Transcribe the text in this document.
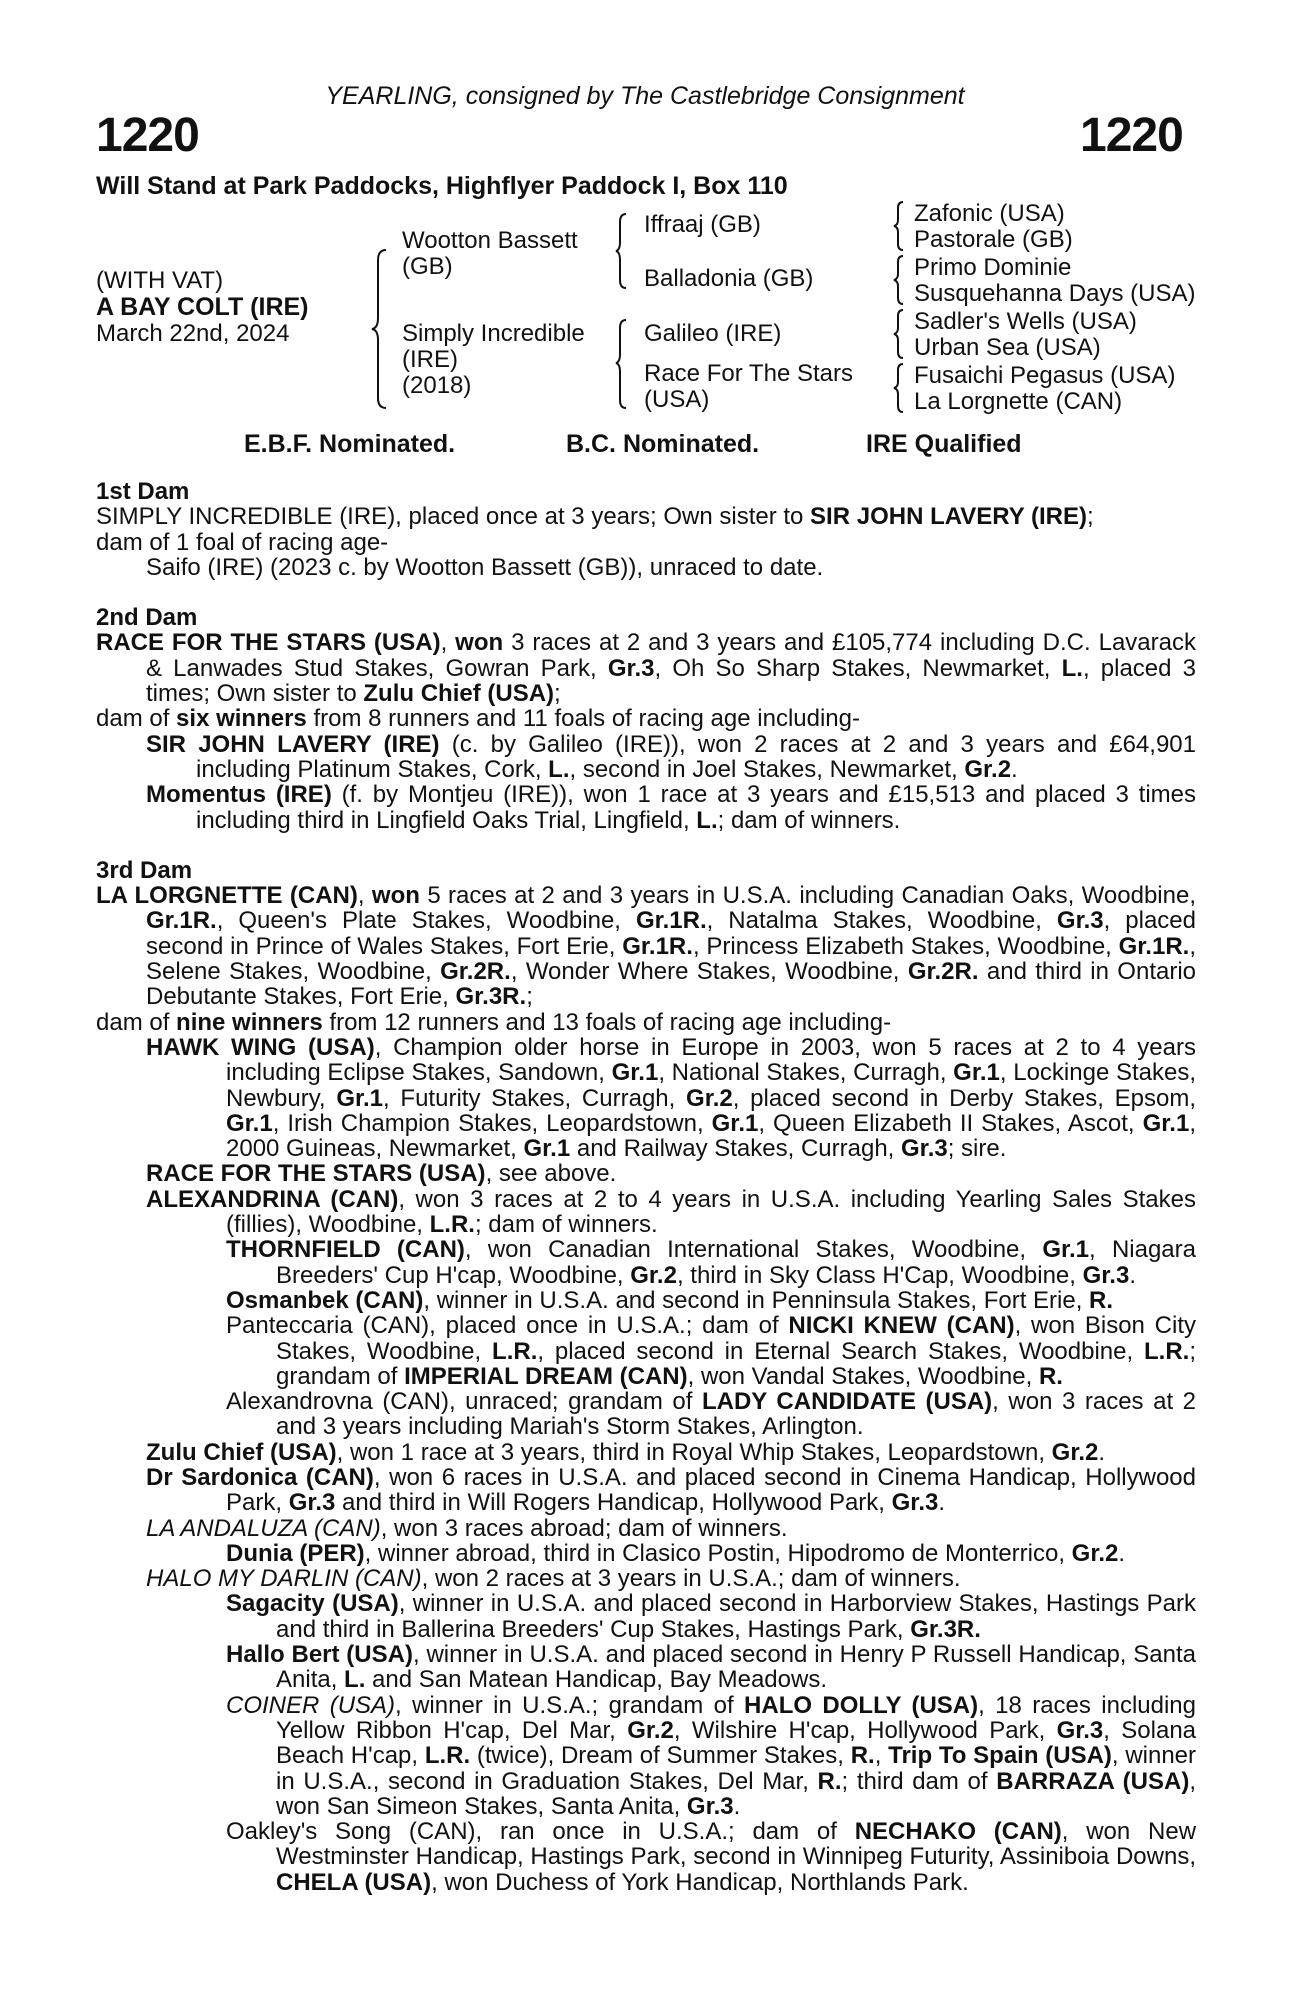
YEARLING, consigned by The Castlebridge Consignment
1220	1220
Will Stand at Park Paddocks, Highflyer Paddock I, Box 110
(WITH VAT)
A BAY COLT (IRE)
March 22nd, 2024
Wootton Bassett
(GB)
Simply Incredible
(IRE)
(2018)
Iffraaj (GB)
Balladonia (GB)
Galileo (IRE)
Race For The Stars
(USA)
Zafonic (USA)
Pastorale (GB)
Primo Dominie
Susquehanna Days (USA)
Sadler's Wells (USA)
Urban Sea (USA)
Fusaichi Pegasus (USA)
La Lorgnette (CAN)
E.B.F. Nominated.	B.C. Nominated.	IRE Qualified

1st Dam

SIMPLY INCREDIBLE (IRE), placed once at 3 years; Own sister to SIR JOHN LAVERY (IRE);

dam of 1 foal of racing age-

Saifo (IRE) (2023 c. by Wootton Bassett (GB)), unraced to date.

2nd Dam

RACE FOR THE STARS (USA), won 3 races at 2 and 3 years and £105,774 including D.C. Lavarack & Lanwades Stud Stakes, Gowran Park, Gr.3, Oh So Sharp Stakes, Newmarket, L., placed 3 times; Own sister to Zulu Chief (USA);

dam of six winners from 8 runners and 11 foals of racing age including-

SIR JOHN LAVERY (IRE) (c. by Galileo (IRE)), won 2 races at 2 and 3 years and £64,901 including Platinum Stakes, Cork, L., second in Joel Stakes, Newmarket, Gr.2.

Momentus (IRE) (f. by Montjeu (IRE)), won 1 race at 3 years and £15,513 and placed 3 times including third in Lingfield Oaks Trial, Lingfield, L.; dam of winners.

3rd Dam

LA LORGNETTE (CAN), won 5 races at 2 and 3 years in U.S.A. including Canadian Oaks, Woodbine, Gr.1R., Queen's Plate Stakes, Woodbine, Gr.1R., Natalma Stakes, Woodbine, Gr.3, placed second in Prince of Wales Stakes, Fort Erie, Gr.1R., Princess Elizabeth Stakes, Woodbine, Gr.1R., Selene Stakes, Woodbine, Gr.2R., Wonder Where Stakes, Woodbine, Gr.2R. and third in Ontario Debutante Stakes, Fort Erie, Gr.3R.;

dam of nine winners from 12 runners and 13 foals of racing age including-

HAWK WING (USA), Champion older horse in Europe in 2003, won 5 races at 2 to 4 years including Eclipse Stakes, Sandown, Gr.1, National Stakes, Curragh, Gr.1, Lockinge Stakes, Newbury, Gr.1, Futurity Stakes, Curragh, Gr.2, placed second in Derby Stakes, Epsom, Gr.1, Irish Champion Stakes, Leopardstown, Gr.1, Queen Elizabeth II Stakes, Ascot, Gr.1, 2000 Guineas, Newmarket, Gr.1 and Railway Stakes, Curragh, Gr.3; sire.

RACE FOR THE STARS (USA), see above.

ALEXANDRINA (CAN), won 3 races at 2 to 4 years in U.S.A. including Yearling Sales Stakes (fillies), Woodbine, L.R.; dam of winners.

THORNFIELD (CAN), won Canadian International Stakes, Woodbine, Gr.1, Niagara Breeders' Cup H'cap, Woodbine, Gr.2, third in Sky Class H'Cap, Woodbine, Gr.3.

Osmanbek (CAN), winner in U.S.A. and second in Penninsula Stakes, Fort Erie, R.

Panteccaria (CAN), placed once in U.S.A.; dam of NICKI KNEW (CAN), won Bison City Stakes, Woodbine, L.R., placed second in Eternal Search Stakes, Woodbine, L.R.; grandam of IMPERIAL DREAM (CAN), won Vandal Stakes, Woodbine, R.

Alexandrovna (CAN), unraced; grandam of LADY CANDIDATE (USA), won 3 races at 2 and 3 years including Mariah's Storm Stakes, Arlington.

Zulu Chief (USA), won 1 race at 3 years, third in Royal Whip Stakes, Leopardstown, Gr.2.

Dr Sardonica (CAN), won 6 races in U.S.A. and placed second in Cinema Handicap, Hollywood Park, Gr.3 and third in Will Rogers Handicap, Hollywood Park, Gr.3.

LA ANDALUZA (CAN), won 3 races abroad; dam of winners.

Dunia (PER), winner abroad, third in Clasico Postin, Hipodromo de Monterrico, Gr.2.

HALO MY DARLIN (CAN), won 2 races at 3 years in U.S.A.; dam of winners.

Sagacity (USA), winner in U.S.A. and placed second in Harborview Stakes, Hastings Park and third in Ballerina Breeders' Cup Stakes, Hastings Park, Gr.3R.

Hallo Bert (USA), winner in U.S.A. and placed second in Henry P Russell Handicap, Santa Anita, L. and San Matean Handicap, Bay Meadows.

COINER (USA), winner in U.S.A.; grandam of HALO DOLLY (USA), 18 races including Yellow Ribbon H'cap, Del Mar, Gr.2, Wilshire H'cap, Hollywood Park, Gr.3, Solana Beach H'cap, L.R. (twice), Dream of Summer Stakes, R., Trip To Spain (USA), winner in U.S.A., second in Graduation Stakes, Del Mar, R.; third dam of BARRAZA (USA), won San Simeon Stakes, Santa Anita, Gr.3.

Oakley's Song (CAN), ran once in U.S.A.; dam of NECHAKO (CAN), won New Westminster Handicap, Hastings Park, second in Winnipeg Futurity, Assiniboia Downs, CHELA (USA), won Duchess of York Handicap, Northlands Park.
